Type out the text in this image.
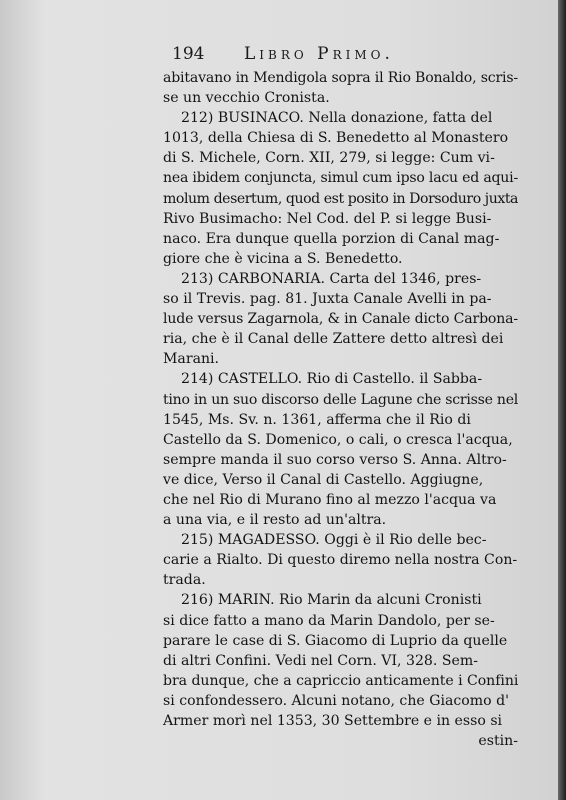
194 Libro Primo.
abitavano in Mendigola sopra il Rio Bonaldo, scris-
se un vecchio Cronista.
212) BUSINACO. Nella donazione, fatta del
1013, della Chiesa di S. Benedetto al Monastero
di S. Michele, Corn. XII, 279, si legge: Cum vi-
nea ibidem conjuncta, simul cum ipso lacu ed aqui-
molum desertum, quod est posito in Dorsoduro juxta
Rivo Busimacho: Nel Cod. del P. si legge Busi-
naco. Era dunque quella porzion di Canal mag-
giore che è vicina a S. Benedetto.
213) CARBONARIA. Carta del 1346, pres-
so il Trevis. pag. 81. Juxta Canale Avelli in pa-
lude versus Zagarnola, & in Canale dicto Carbona-
ria, che è il Canal delle Zattere detto altresì dei
Marani.
214) CASTELLO. Rio di Castello. il Sabba-
tino in un suo discorso delle Lagune che scrisse nel
1545, Ms. Sv. n. 1361, afferma che il Rio di
Castello da S. Domenico, o cali, o cresca l'acqua,
sempre manda il suo corso verso S. Anna. Altro-
ve dice, Verso il Canal di Castello. Aggiugne,
che nel Rio di Murano fino al mezzo l'acqua va
a una via, e il resto ad un'altra.
215) MAGADESSO. Oggi è il Rio delle bec-
carie a Rialto. Di questo diremo nella nostra Con-
trada.
216) MARIN. Rio Marin da alcuni Cronisti
si dice fatto a mano da Marin Dandolo, per se-
parare le case di S. Giacomo di Luprio da quelle
di altri Confini. Vedi nel Corn. VI, 328. Sem-
bra dunque, che a capriccio anticamente i Confini
si confondessero. Alcuni notano, che Giacomo d'
Armer morì nel 1353, 30 Settembre e in esso si
estin-
